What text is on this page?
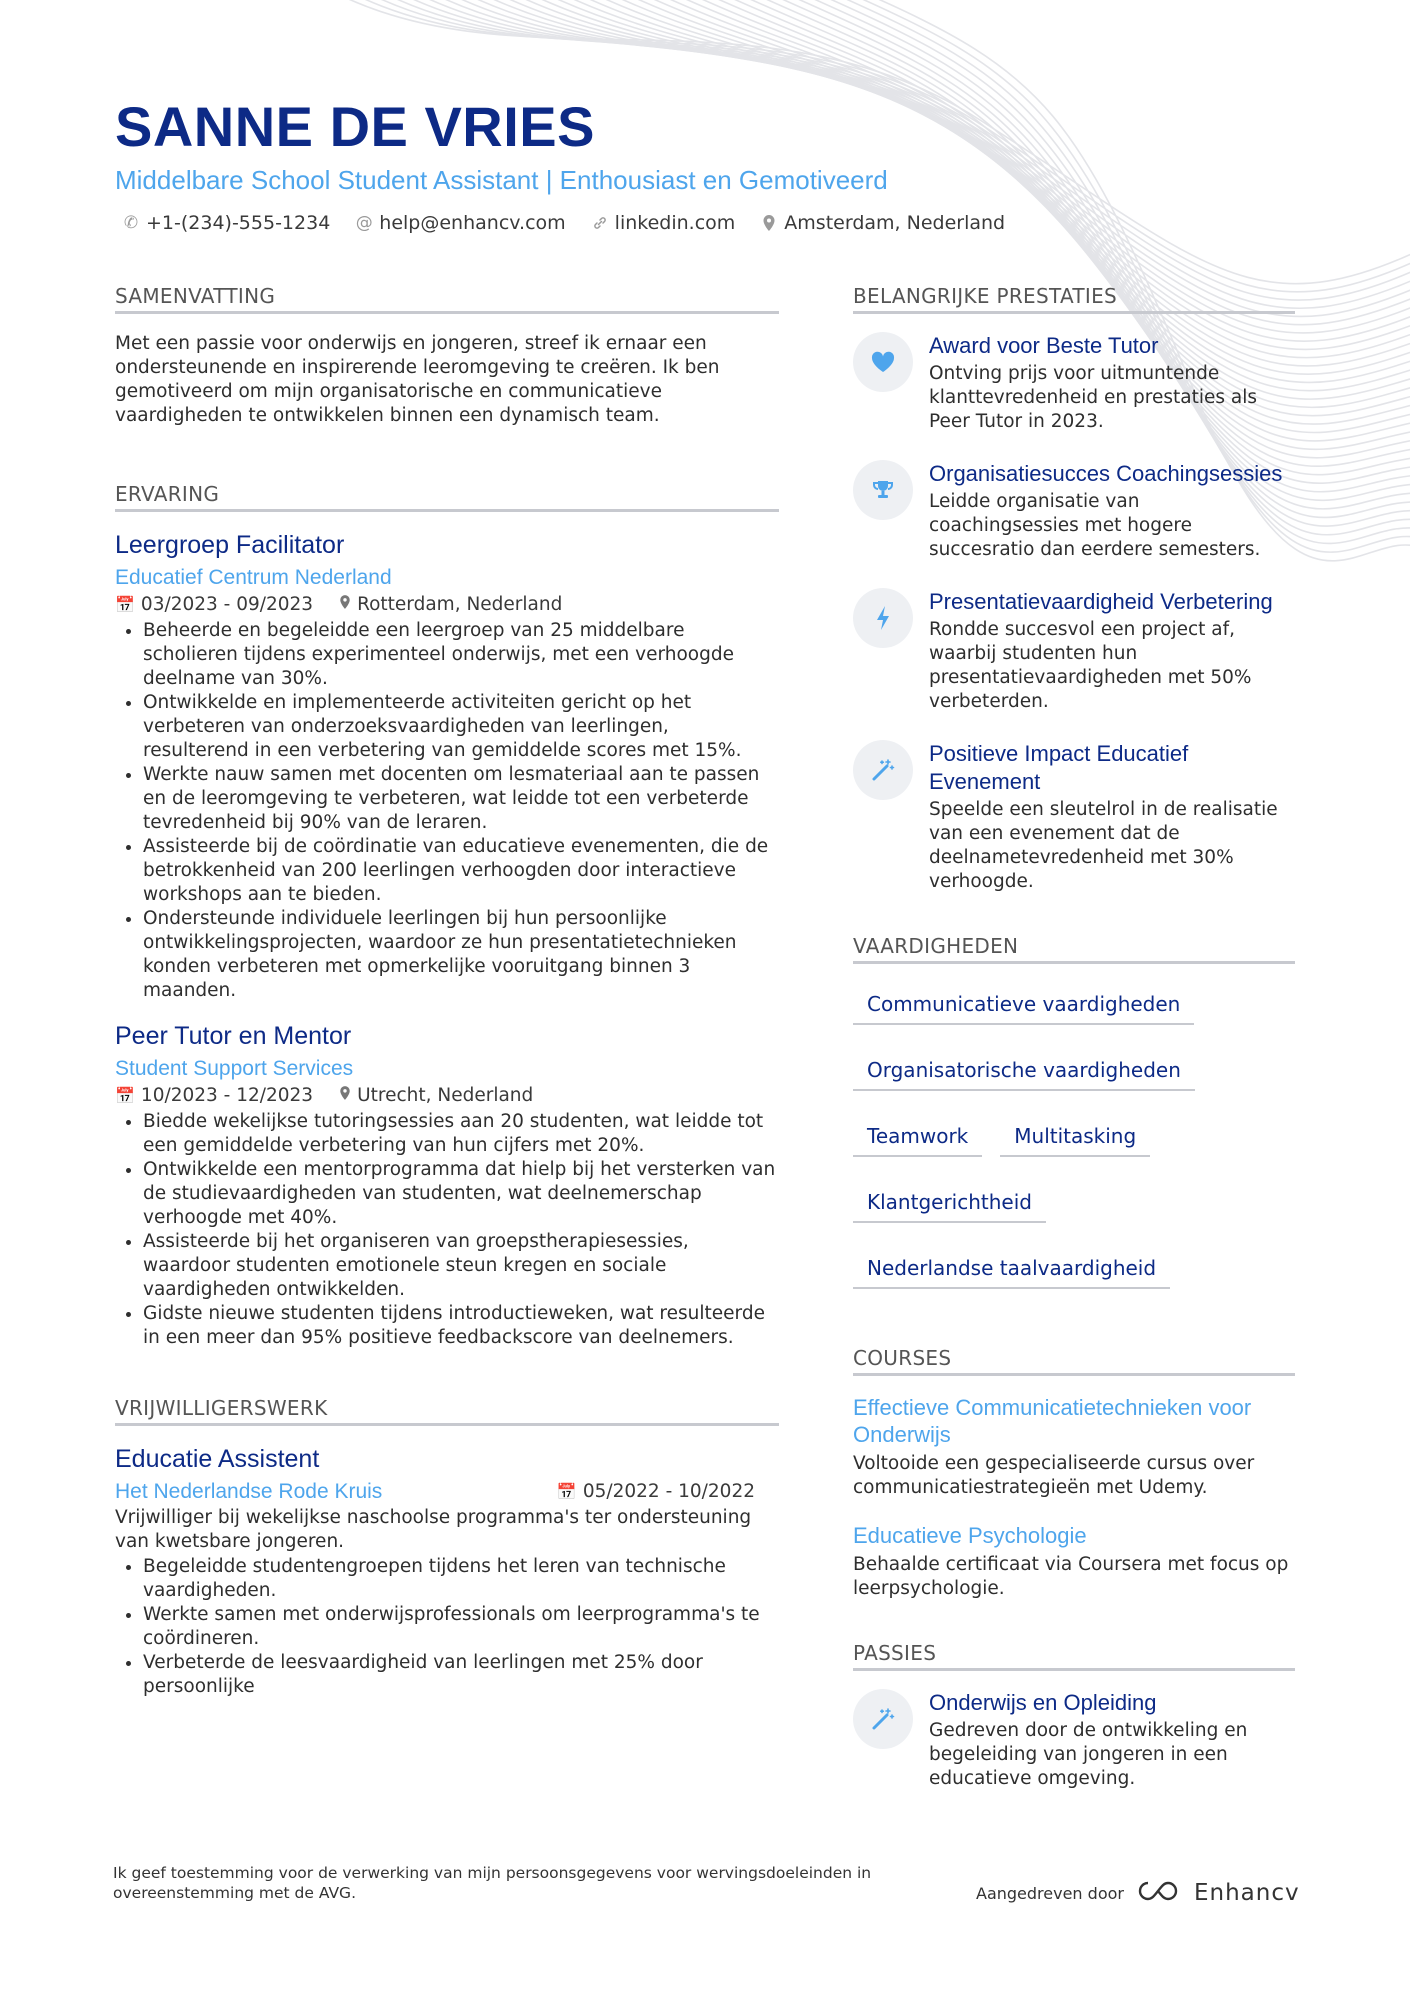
SANNE DE VRIES
Middelbare School Student Assistant | Enthousiast en Gemotiveerd
✆ +1-(234)-555-1234 @ help@enhancv.com	linkedin.com	Amsterdam, Nederland
SAMENVATTING
Met een passie voor onderwijs en jongeren, streef ik ernaar een ondersteunende en inspirerende leeromgeving te creëren. Ik ben gemotiveerd om mijn organisatorische en communicatieve vaardigheden te ontwikkelen binnen een dynamisch team.
ERVARING
Leergroep Facilitator
Educatief Centrum Nederland
📅 03/2023 - 09/2023 Rotterdam, Nederland
• Beheerde en begeleidde een leergroep van 25 middelbare scholieren tijdens experimenteel onderwijs, met een verhoogde deelname van 30%.
• Ontwikkelde en implementeerde activiteiten gericht op het verbeteren van onderzoeksvaardigheden van leerlingen, resulterend in een verbetering van gemiddelde scores met 15%.
• Werkte nauw samen met docenten om lesmateriaal aan te passen en de leeromgeving te verbeteren, wat leidde tot een verbeterde tevredenheid bij 90% van de leraren.
• Assisteerde bij de coördinatie van educatieve evenementen, die de betrokkenheid van 200 leerlingen verhoogden door interactieve workshops aan te bieden.
• Ondersteunde individuele leerlingen bij hun persoonlijke ontwikkelingsprojecten, waardoor ze hun presentatietechnieken konden verbeteren met opmerkelijke vooruitgang binnen 3 maanden.
Peer Tutor en Mentor
Student Support Services
📅 10/2023 - 12/2023 Utrecht, Nederland
• Biedde wekelijkse tutoringsessies aan 20 studenten, wat leidde tot een gemiddelde verbetering van hun cijfers met 20%.
• Ontwikkelde een mentorprogramma dat hielp bij het versterken van de studievaardigheden van studenten, wat deelnemerschap verhoogde met 40%.
• Assisteerde bij het organiseren van groepstherapiesessies, waardoor studenten emotionele steun kregen en sociale vaardigheden ontwikkelden.
• Gidste nieuwe studenten tijdens introductieweken, wat resulteerde in een meer dan 95% positieve feedbackscore van deelnemers.
VRIJWILLIGERSWERK
Educatie Assistent
Het Nederlandse Rode Kruis	📅 05/2022 - 10/2022
Vrijwilliger bij wekelijkse naschoolse programma's ter ondersteuning van kwetsbare jongeren.
• Begeleidde studentengroepen tijdens het leren van technische vaardigheden.
• Werkte samen met onderwijsprofessionals om leerprogramma's te coördineren.
• Verbeterde de leesvaardigheid van leerlingen met 25% door persoonlijke
BELANGRIJKE PRESTATIES
Award voor Beste Tutor
Ontving prijs voor uitmuntende klanttevredenheid en prestaties als Peer Tutor in 2023.
Organisatiesucces Coachingsessies
Leidde organisatie van coachingsessies met hogere succesratio dan eerdere semesters.
Presentatievaardigheid Verbetering
Rondde succesvol een project af, waarbij studenten hun presentatievaardigheden met 50% verbeterden.
Positieve Impact Educatief Evenement
Speelde een sleutelrol in de realisatie van een evenement dat de deelnametevredenheid met 30% verhoogde.
VAARDIGHEDEN
Communicatieve vaardigheden
Organisatorische vaardigheden
Teamwork	Multitasking
Klantgerichtheid
Nederlandse taalvaardigheid
COURSES
Effectieve Communicatietechnieken voor Onderwijs
Voltooide een gespecialiseerde cursus over communicatiestrategieën met Udemy.
Educatieve Psychologie
Behaalde certificaat via Coursera met focus op leerpsychologie.
PASSIES
Onderwijs en Opleiding
Gedreven door de ontwikkeling en begeleiding van jongeren in een educatieve omgeving.
Ik geef toestemming voor de verwerking van mijn persoonsgegevens voor wervingsdoeleinden in overeenstemming met de AVG.	Aangedreven door	Enhancv
